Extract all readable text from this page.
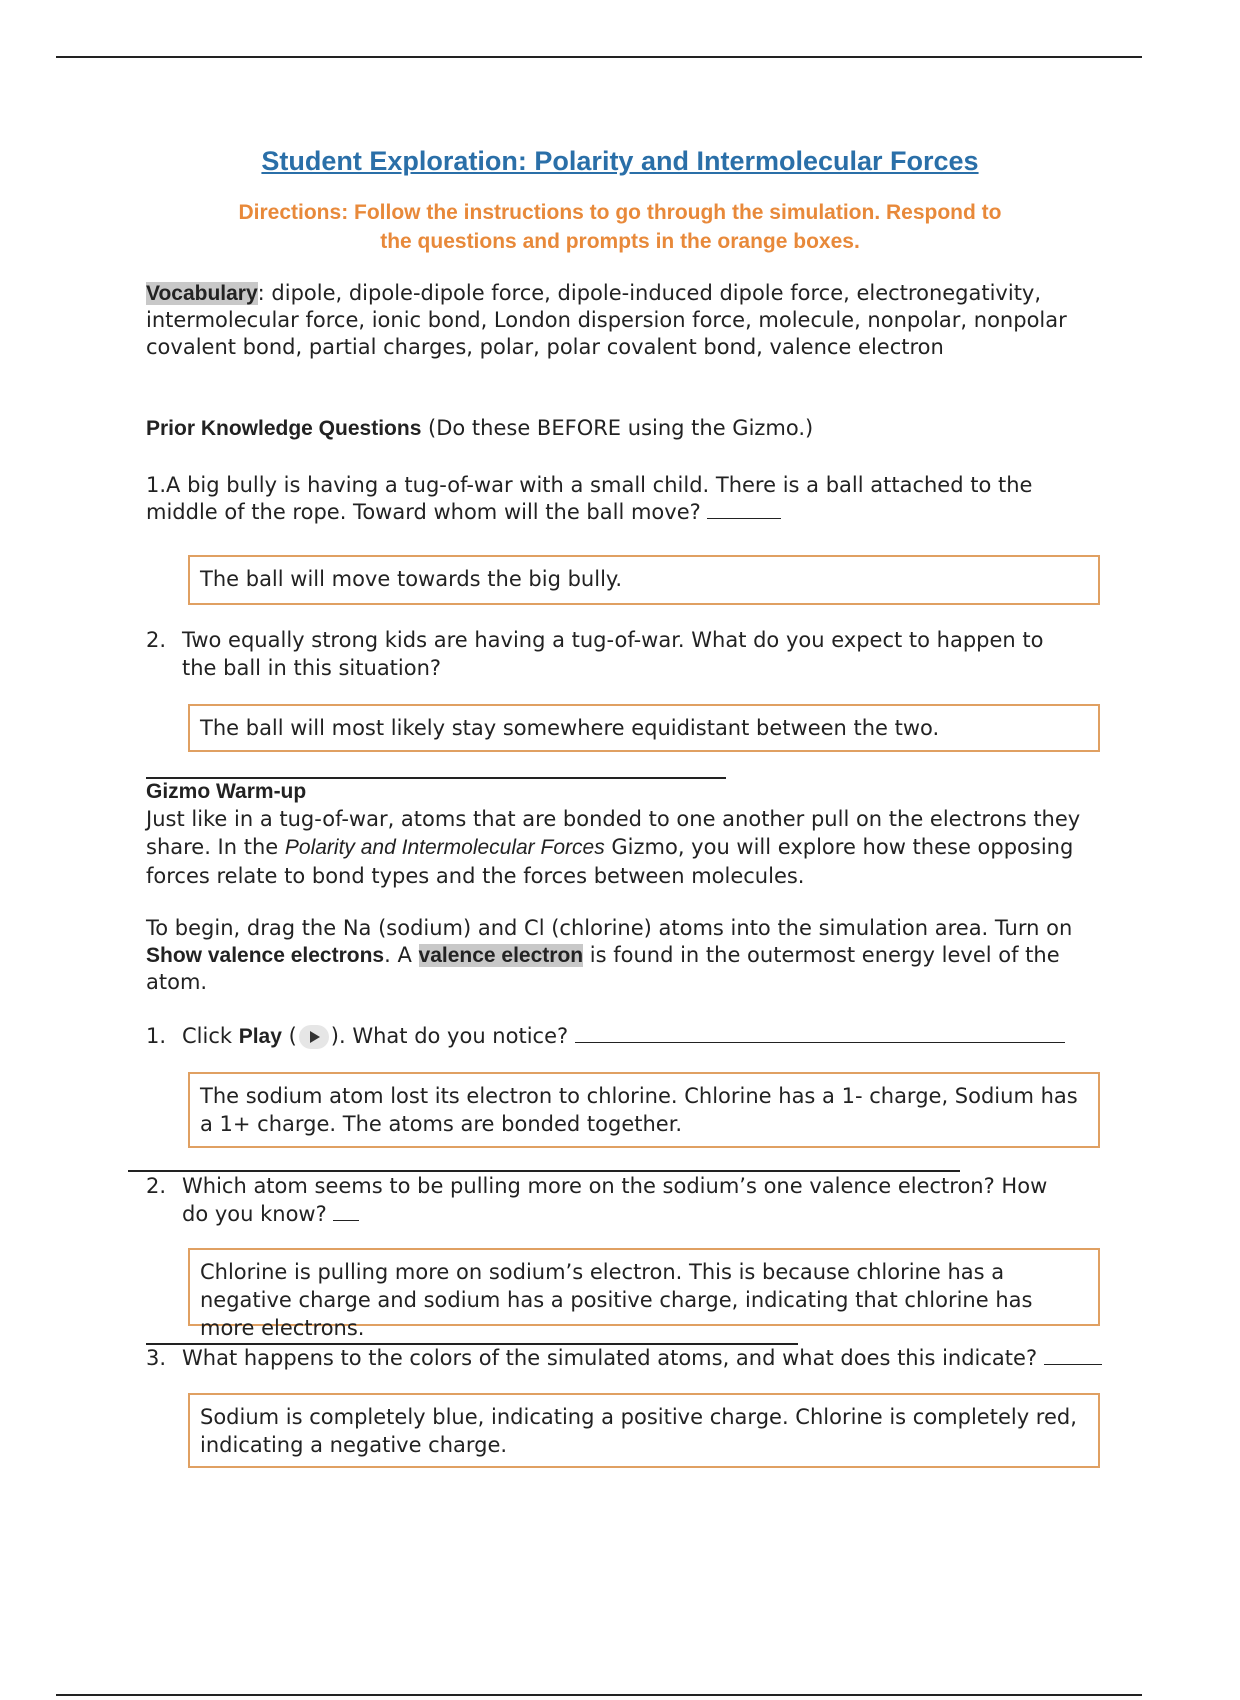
Student Exploration: Polarity and Intermolecular Forces
Directions: Follow the instructions to go through the simulation. Respond to
the questions and prompts in the orange boxes.
Vocabulary: dipole, dipole-dipole force, dipole-induced dipole force, electronegativity, intermolecular force, ionic bond, London dispersion force, molecule, nonpolar, nonpolar covalent bond, partial charges, polar, polar covalent bond, valence electron
Prior Knowledge Questions (Do these BEFORE using the Gizmo.)
1.A big bully is having a tug-of-war with a small child. There is a ball attached to the middle of the rope. Toward whom will the ball move?
The ball will move towards the big bully.
2. Two equally strong kids are having a tug-of-war. What do you expect to happen to the ball in this situation?
The ball will most likely stay somewhere equidistant between the two.
Gizmo Warm-up
Just like in a tug-of-war, atoms that are bonded to one another pull on the electrons they share. In the Polarity and Intermolecular Forces Gizmo, you will explore how these opposing forces relate to bond types and the forces between molecules.
To begin, drag the Na (sodium) and Cl (chlorine) atoms into the simulation area. Turn on Show valence electrons. A valence electron is found in the outermost energy level of the atom.
1. Click Play ( ). What do you notice?
The sodium atom lost its electron to chlorine. Chlorine has a 1- charge, Sodium has a 1+ charge. The atoms are bonded together.
2. Which atom seems to be pulling more on the sodium’s one valence electron? How do you know?
Chlorine is pulling more on sodium’s electron. This is because chlorine has a negative charge and sodium has a positive charge, indicating that chlorine has more electrons.
3. What happens to the colors of the simulated atoms, and what does this indicate?
Sodium is completely blue, indicating a positive charge. Chlorine is completely red, indicating a negative charge.
